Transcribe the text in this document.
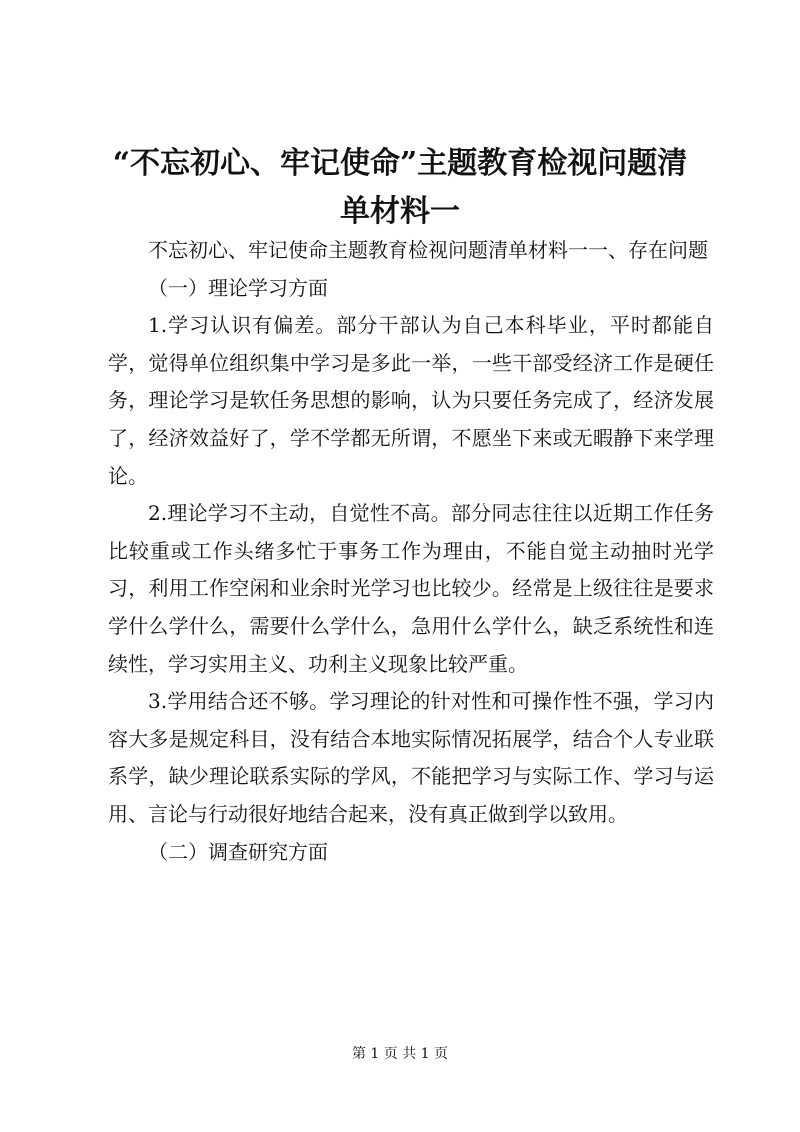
“不忘初心、牢记使命”主题教育检视问题清单材料一

不忘初心、牢记使命主题教育检视问题清单材料一一、存在问题

（一）理论学习方面

1.学习认识有偏差。部分干部认为自己本科毕业，平时都能自学，觉得单位组织集中学习是多此一举，一些干部受经济工作是硬任务，理论学习是软任务思想的影响，认为只要任务完成了，经济发展了，经济效益好了，学不学都无所谓，不愿坐下来或无暇静下来学理论。

2.理论学习不主动，自觉性不高。部分同志往往以近期工作任务比较重或工作头绪多忙于事务工作为理由，不能自觉主动抽时光学习，利用工作空闲和业余时光学习也比较少。经常是上级往往是要求学什么学什么，需要什么学什么，急用什么学什么，缺乏系统性和连续性，学习实用主义、功利主义现象比较严重。

3.学用结合还不够。学习理论的针对性和可操作性不强，学习内容大多是规定科目，没有结合本地实际情况拓展学，结合个人专业联系学，缺少理论联系实际的学风，不能把学习与实际工作、学习与运用、言论与行动很好地结合起来，没有真正做到学以致用。

（二）调查研究方面

第 1 页 共 1 页
